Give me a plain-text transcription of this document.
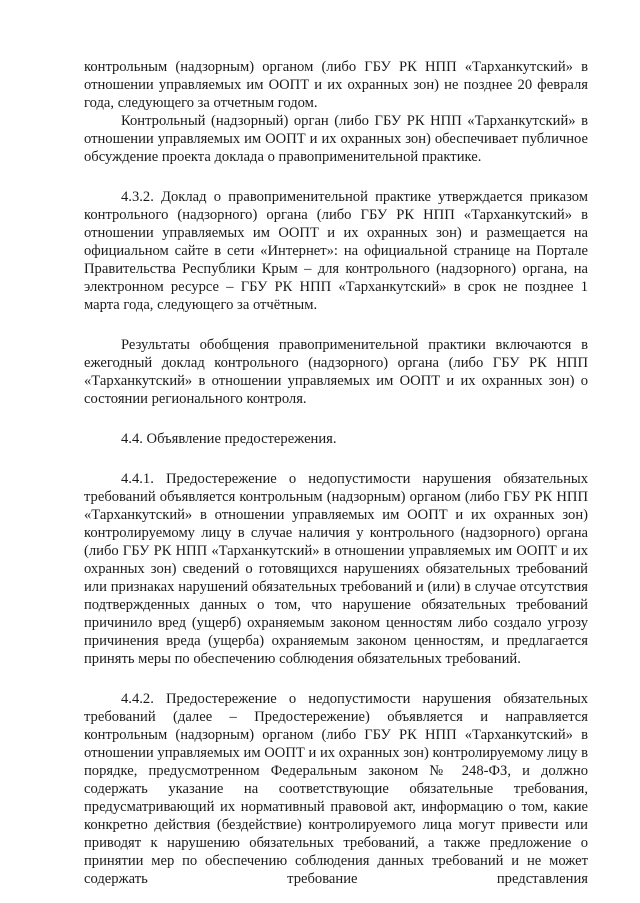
контрольным (надзорным) органом (либо ГБУ РК НПП «Тарханкутский» в отношении управляемых им ООПТ и их охранных зон) не позднее 20 февраля года, следующего за отчетным годом.

Контрольный (надзорный) орган (либо ГБУ РК НПП «Тарханкутский» в отношении управляемых им ООПТ и их охранных зон) обеспечивает публичное обсуждение проекта доклада о правоприменительной практике.

4.3.2. Доклад о правоприменительной практике утверждается приказом контрольного (надзорного) органа (либо ГБУ РК НПП «Тарханкутский» в отношении управляемых им ООПТ и их охранных зон) и размещается на официальном сайте в сети «Интернет»: на официальной странице на Портале Правительства Республики Крым – для контрольного (надзорного) органа, на электронном ресурсе – ГБУ РК НПП «Тарханкутский» в срок не позднее 1 марта года, следующего за отчётным.

Результаты обобщения правоприменительной практики включаются в ежегодный доклад контрольного (надзорного) органа (либо ГБУ РК НПП «Тарханкутский» в отношении управляемых им ООПТ и их охранных зон) о состоянии регионального контроля.

4.4. Объявление предостережения.

4.4.1. Предостережение о недопустимости нарушения обязательных требований объявляется контрольным (надзорным) органом (либо ГБУ РК НПП «Тарханкутский» в отношении управляемых им ООПТ и их охранных зон) контролируемому лицу в случае наличия у контрольного (надзорного) органа (либо ГБУ РК НПП «Тарханкутский» в отношении управляемых им ООПТ и их охранных зон) сведений о готовящихся нарушениях обязательных требований или признаках нарушений обязательных требований и (или) в случае отсутствия подтвержденных данных о том, что нарушение обязательных требований причинило вред (ущерб) охраняемым законом ценностям либо создало угрозу причинения вреда (ущерба) охраняемым законом ценностям, и предлагается принять меры по обеспечению соблюдения обязательных требований.

4.4.2. Предостережение о недопустимости нарушения обязательных требований (далее – Предостережение) объявляется и направляется контрольным (надзорным) органом (либо ГБУ РК НПП «Тарханкутский» в отношении управляемых им ООПТ и их охранных зон) контролируемому лицу в порядке, предусмотренном Федеральным законом № 248-ФЗ, и должно содержать указание на соответствующие обязательные требования, предусматривающий их нормативный правовой акт, информацию о том, какие конкретно действия (бездействие) контролируемого лица могут привести или приводят к нарушению обязательных требований, а также предложение о принятии мер по обеспечению соблюдения данных требований и не может содержать требование представления
